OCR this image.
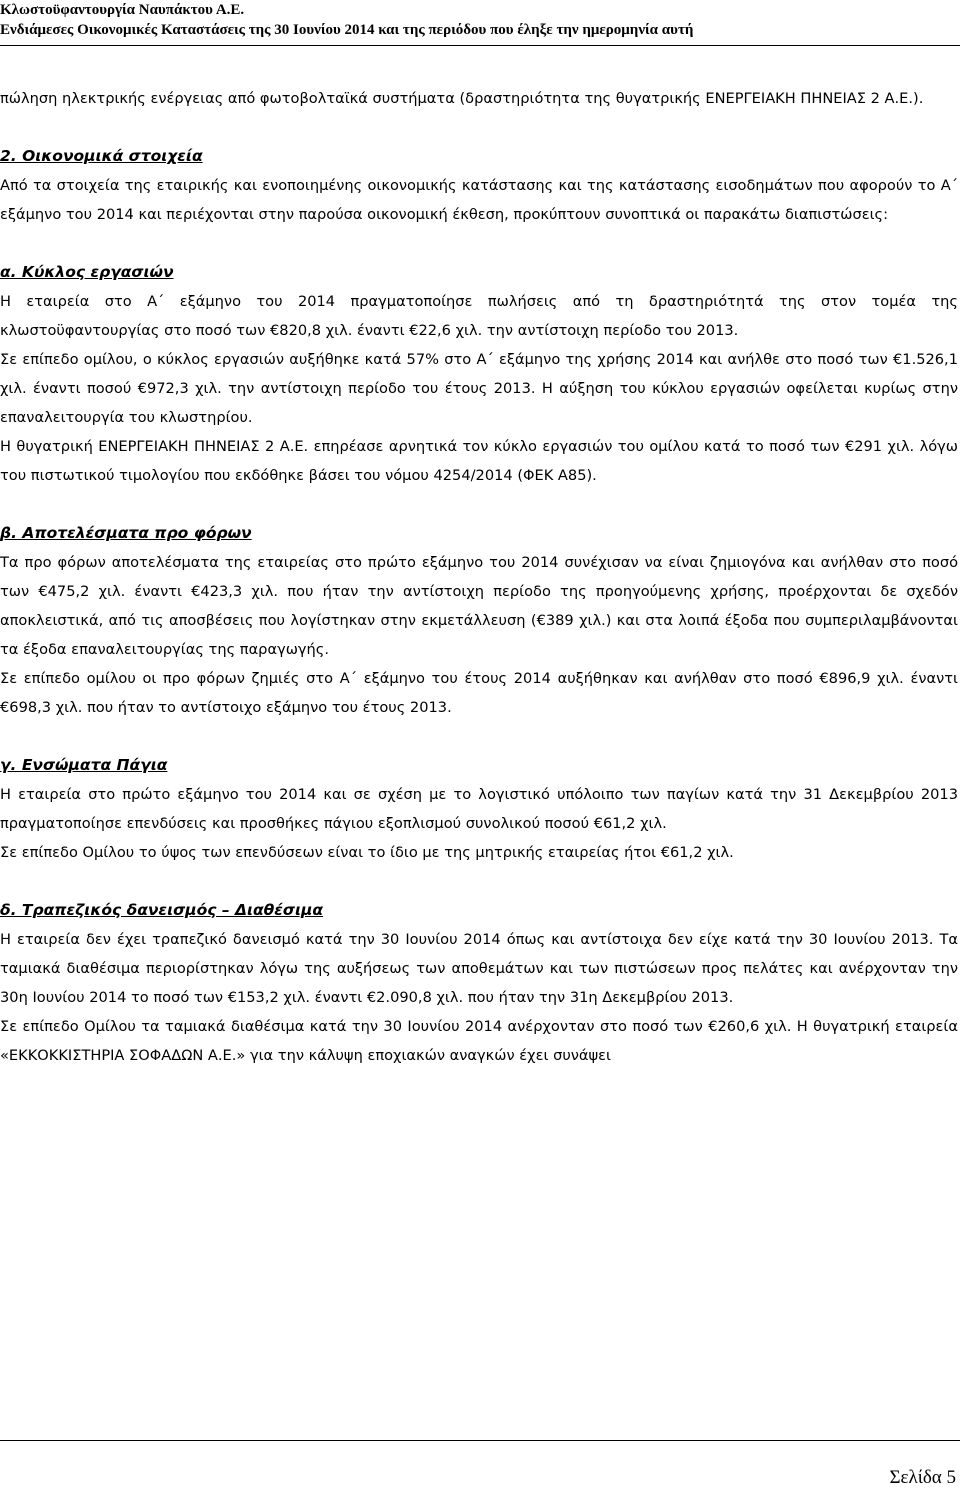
Κλωστοϋφαντουργία Ναυπάκτου Α.Ε.
Ενδιάμεσες Οικονομικές Καταστάσεις της 30 Ιουνίου 2014 και της περιόδου που έληξε την ημερομηνία αυτή

πώληση ηλεκτρικής ενέργειας από φωτοβολταϊκά συστήματα (δραστηριότητα της θυγατρικής ΕΝΕΡΓΕΙΑΚΗ ΠΗΝΕΙΑΣ 2 Α.Ε.).

2. Οικονομικά στοιχεία

Από τα στοιχεία της εταιρικής και ενοποιημένης οικονομικής κατάστασης και της κατάστασης εισοδημάτων που αφορούν το Α΄ εξάμηνο του 2014 και περιέχονται στην παρούσα οικονομική έκθεση, προκύπτουν συνοπτικά οι παρακάτω διαπιστώσεις:

α. Κύκλος εργασιών

Η εταιρεία στο Α΄ εξάμηνο του 2014 πραγματοποίησε πωλήσεις από τη δραστηριότητά της στον τομέα της κλωστοϋφαντουργίας στο ποσό των €820,8 χιλ. έναντι €22,6 χιλ. την αντίστοιχη περίοδο του 2013.

Σε επίπεδο ομίλου, ο κύκλος εργασιών αυξήθηκε κατά 57% στο Α΄ εξάμηνο της χρήσης 2014 και ανήλθε στο ποσό των €1.526,1 χιλ. έναντι ποσού €972,3 χιλ. την αντίστοιχη περίοδο του έτους 2013. Η αύξηση του κύκλου εργασιών οφείλεται κυρίως στην επαναλειτουργία του κλωστηρίου.

Η θυγατρική ΕΝΕΡΓΕΙΑΚΗ ΠΗΝΕΙΑΣ 2 Α.Ε. επηρέασε αρνητικά τον κύκλο εργασιών του ομίλου κατά το ποσό των €291 χιλ. λόγω του πιστωτικού τιμολογίου που εκδόθηκε βάσει του νόμου 4254/2014 (ΦΕΚ Α85).

β. Αποτελέσματα προ φόρων

Τα προ φόρων αποτελέσματα της εταιρείας στο πρώτο εξάμηνο του 2014 συνέχισαν να είναι ζημιογόνα και ανήλθαν στο ποσό των €475,2 χιλ. έναντι €423,3 χιλ. που ήταν την αντίστοιχη περίοδο της προηγούμενης χρήσης, προέρχονται δε σχεδόν αποκλειστικά, από τις αποσβέσεις που λογίστηκαν στην εκμετάλλευση (€389 χιλ.) και στα λοιπά έξοδα που συμπεριλαμβάνονται τα έξοδα επαναλειτουργίας της παραγωγής.

Σε επίπεδο ομίλου οι προ φόρων ζημιές στο Α΄ εξάμηνο του έτους 2014 αυξήθηκαν και ανήλθαν στο ποσό €896,9 χιλ. έναντι €698,3 χιλ. που ήταν το αντίστοιχο εξάμηνο του έτους 2013.

γ. Ενσώματα Πάγια

Η εταιρεία στο πρώτο εξάμηνο του 2014 και σε σχέση με το λογιστικό υπόλοιπο των παγίων κατά την 31 Δεκεμβρίου 2013 πραγματοποίησε επενδύσεις και προσθήκες πάγιου εξοπλισμού συνολικού ποσού €61,2 χιλ.

Σε επίπεδο Ομίλου το ύψος των επενδύσεων είναι το ίδιο με της μητρικής εταιρείας ήτοι €61,2 χιλ.

δ. Τραπεζικός δανεισμός – Διαθέσιμα

Η εταιρεία δεν έχει τραπεζικό δανεισμό κατά την 30 Ιουνίου 2014 όπως και αντίστοιχα δεν είχε κατά την 30 Ιουνίου 2013. Τα ταμιακά διαθέσιμα περιορίστηκαν λόγω της αυξήσεως των αποθεμάτων και των πιστώσεων προς πελάτες και ανέρχονταν την 30η Ιουνίου 2014 το ποσό των €153,2 χιλ. έναντι €2.090,8 χιλ. που ήταν την 31η Δεκεμβρίου 2013.

Σε επίπεδο Ομίλου τα ταμιακά διαθέσιμα κατά την 30 Ιουνίου 2014 ανέρχονταν στο ποσό των €260,6 χιλ. Η θυγατρική εταιρεία «ΕΚΚΟΚΚΙΣΤΗΡΙΑ ΣΟΦΑΔΩΝ Α.Ε.» για την κάλυψη εποχιακών αναγκών έχει συνάψει

Σελίδα 5
